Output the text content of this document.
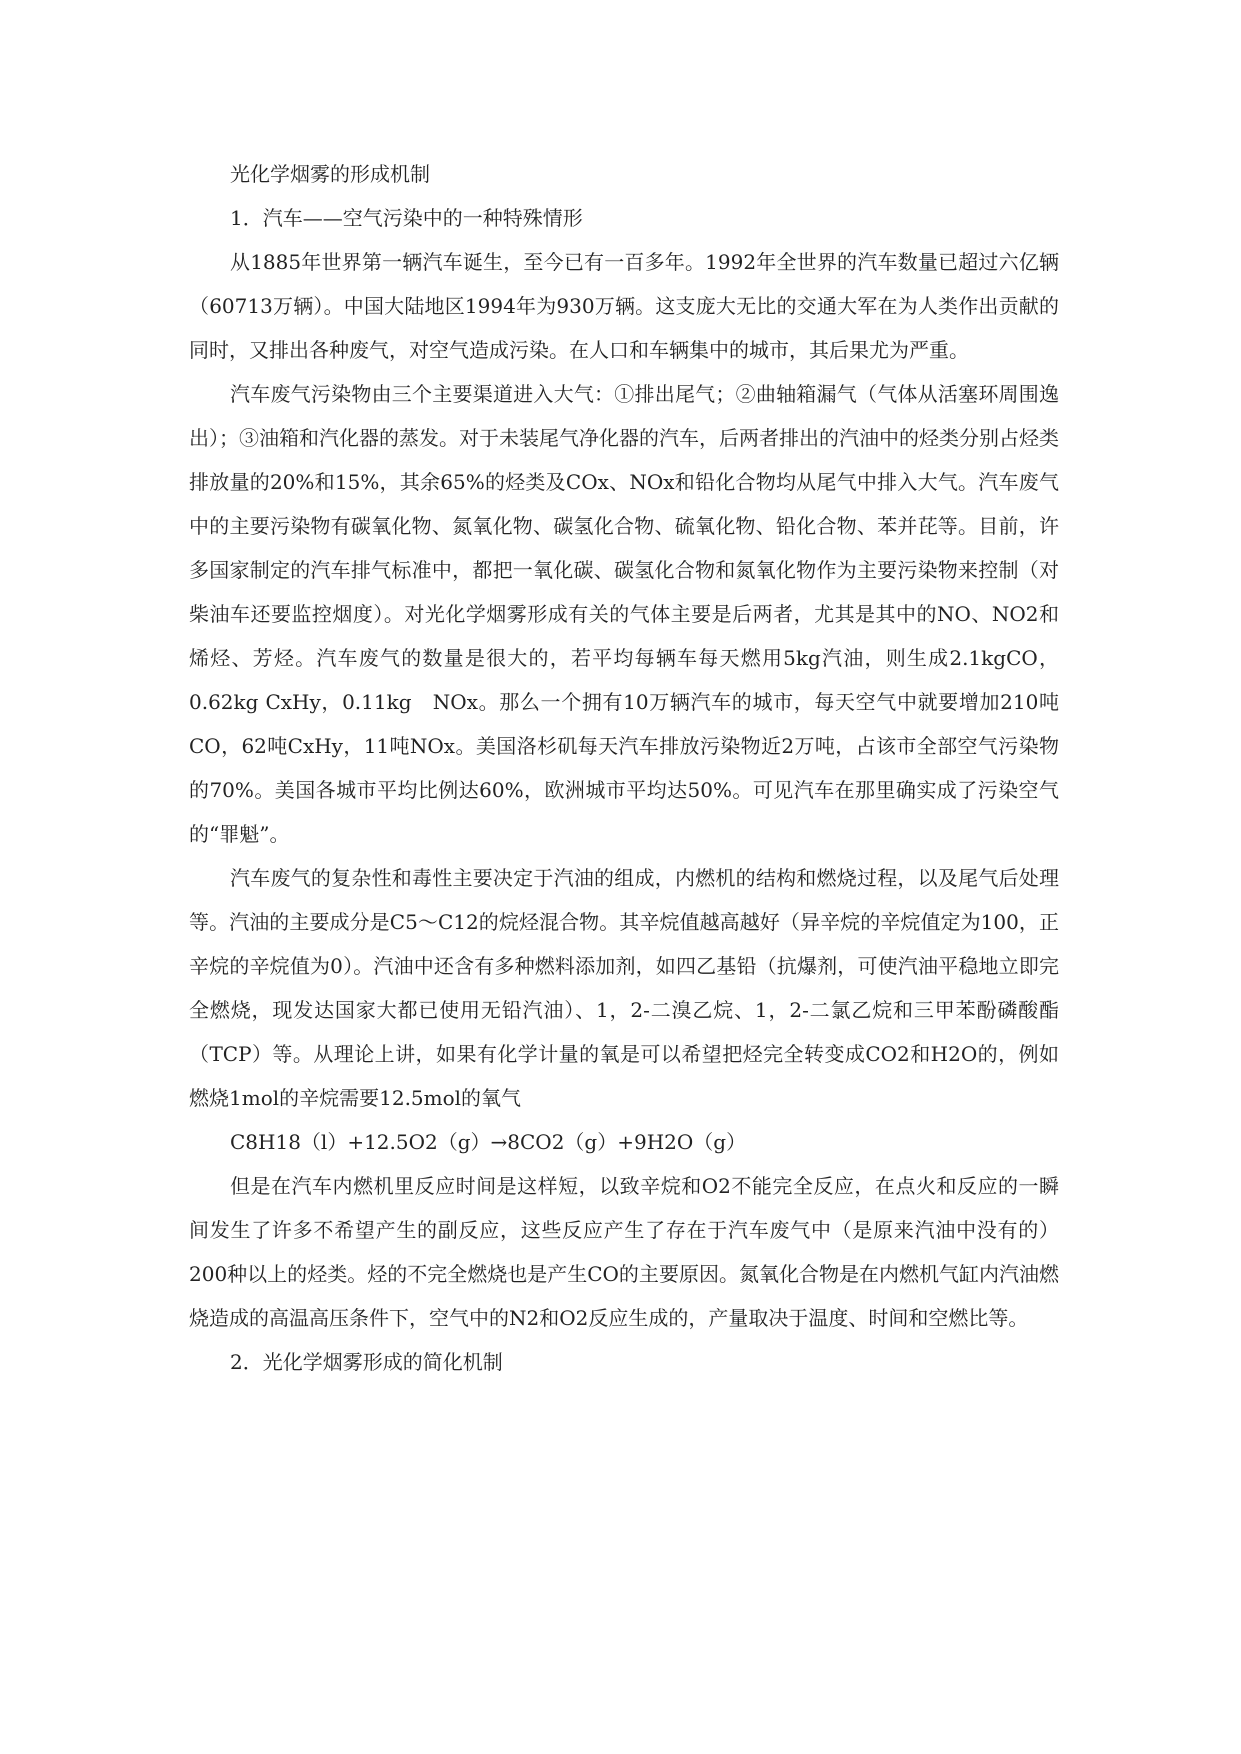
光化学烟雾的形成机制

1．汽车——空气污染中的一种特殊情形

从1885年世界第一辆汽车诞生，至今已有一百多年。1992年全世界的汽车数量已超过六亿辆（60713万辆）。中国大陆地区1994年为930万辆。这支庞大无比的交通大军在为人类作出贡献的同时，又排出各种废气，对空气造成污染。在人口和车辆集中的城市，其后果尤为严重。

汽车废气污染物由三个主要渠道进入大气：①排出尾气；②曲轴箱漏气（气体从活塞环周围逸出）；③油箱和汽化器的蒸发。对于未装尾气净化器的汽车，后两者排出的汽油中的烃类分别占烃类排放量的20%和15%，其余65%的烃类及COx、NOx和铅化合物均从尾气中排入大气。汽车废气中的主要污染物有碳氧化物、氮氧化物、碳氢化合物、硫氧化物、铅化合物、苯并芘等。目前，许多国家制定的汽车排气标准中，都把一氧化碳、碳氢化合物和氮氧化物作为主要污染物来控制（对柴油车还要监控烟度）。对光化学烟雾形成有关的气体主要是后两者，尤其是其中的NO、NO2和烯烃、芳烃。汽车废气的数量是很大的，若平均每辆车每天燃用5kg汽油，则生成2.1kgCO，0.62kg CxHy，0.11kg　NOx。那么一个拥有10万辆汽车的城市，每天空气中就要增加210吨CO，62吨CxHy，11吨NOx。美国洛杉矶每天汽车排放污染物近2万吨，占该市全部空气污染物的70%。美国各城市平均比例达60%，欧洲城市平均达50%。可见汽车在那里确实成了污染空气的“罪魁”。

汽车废气的复杂性和毒性主要决定于汽油的组成，内燃机的结构和燃烧过程，以及尾气后处理等。汽油的主要成分是C5～C12的烷烃混合物。其辛烷值越高越好（异辛烷的辛烷值定为100，正辛烷的辛烷值为0）。汽油中还含有多种燃料添加剂，如四乙基铅（抗爆剂，可使汽油平稳地立即完全燃烧，现发达国家大都已使用无铅汽油）、1，2-二溴乙烷、1，2-二氯乙烷和三甲苯酚磷酸酯（TCP）等。从理论上讲，如果有化学计量的氧是可以希望把烃完全转变成CO2和H2O的，例如燃烧1mol的辛烷需要12.5mol的氧气

C8H18（l）+12.5O2（g）→8CO2（g）+9H2O（g）

但是在汽车内燃机里反应时间是这样短，以致辛烷和O2不能完全反应，在点火和反应的一瞬间发生了许多不希望产生的副反应，这些反应产生了存在于汽车废气中（是原来汽油中没有的）200种以上的烃类。烃的不完全燃烧也是产生CO的主要原因。氮氧化合物是在内燃机气缸内汽油燃烧造成的高温高压条件下，空气中的N2和O2反应生成的，产量取决于温度、时间和空燃比等。

2．光化学烟雾形成的简化机制
